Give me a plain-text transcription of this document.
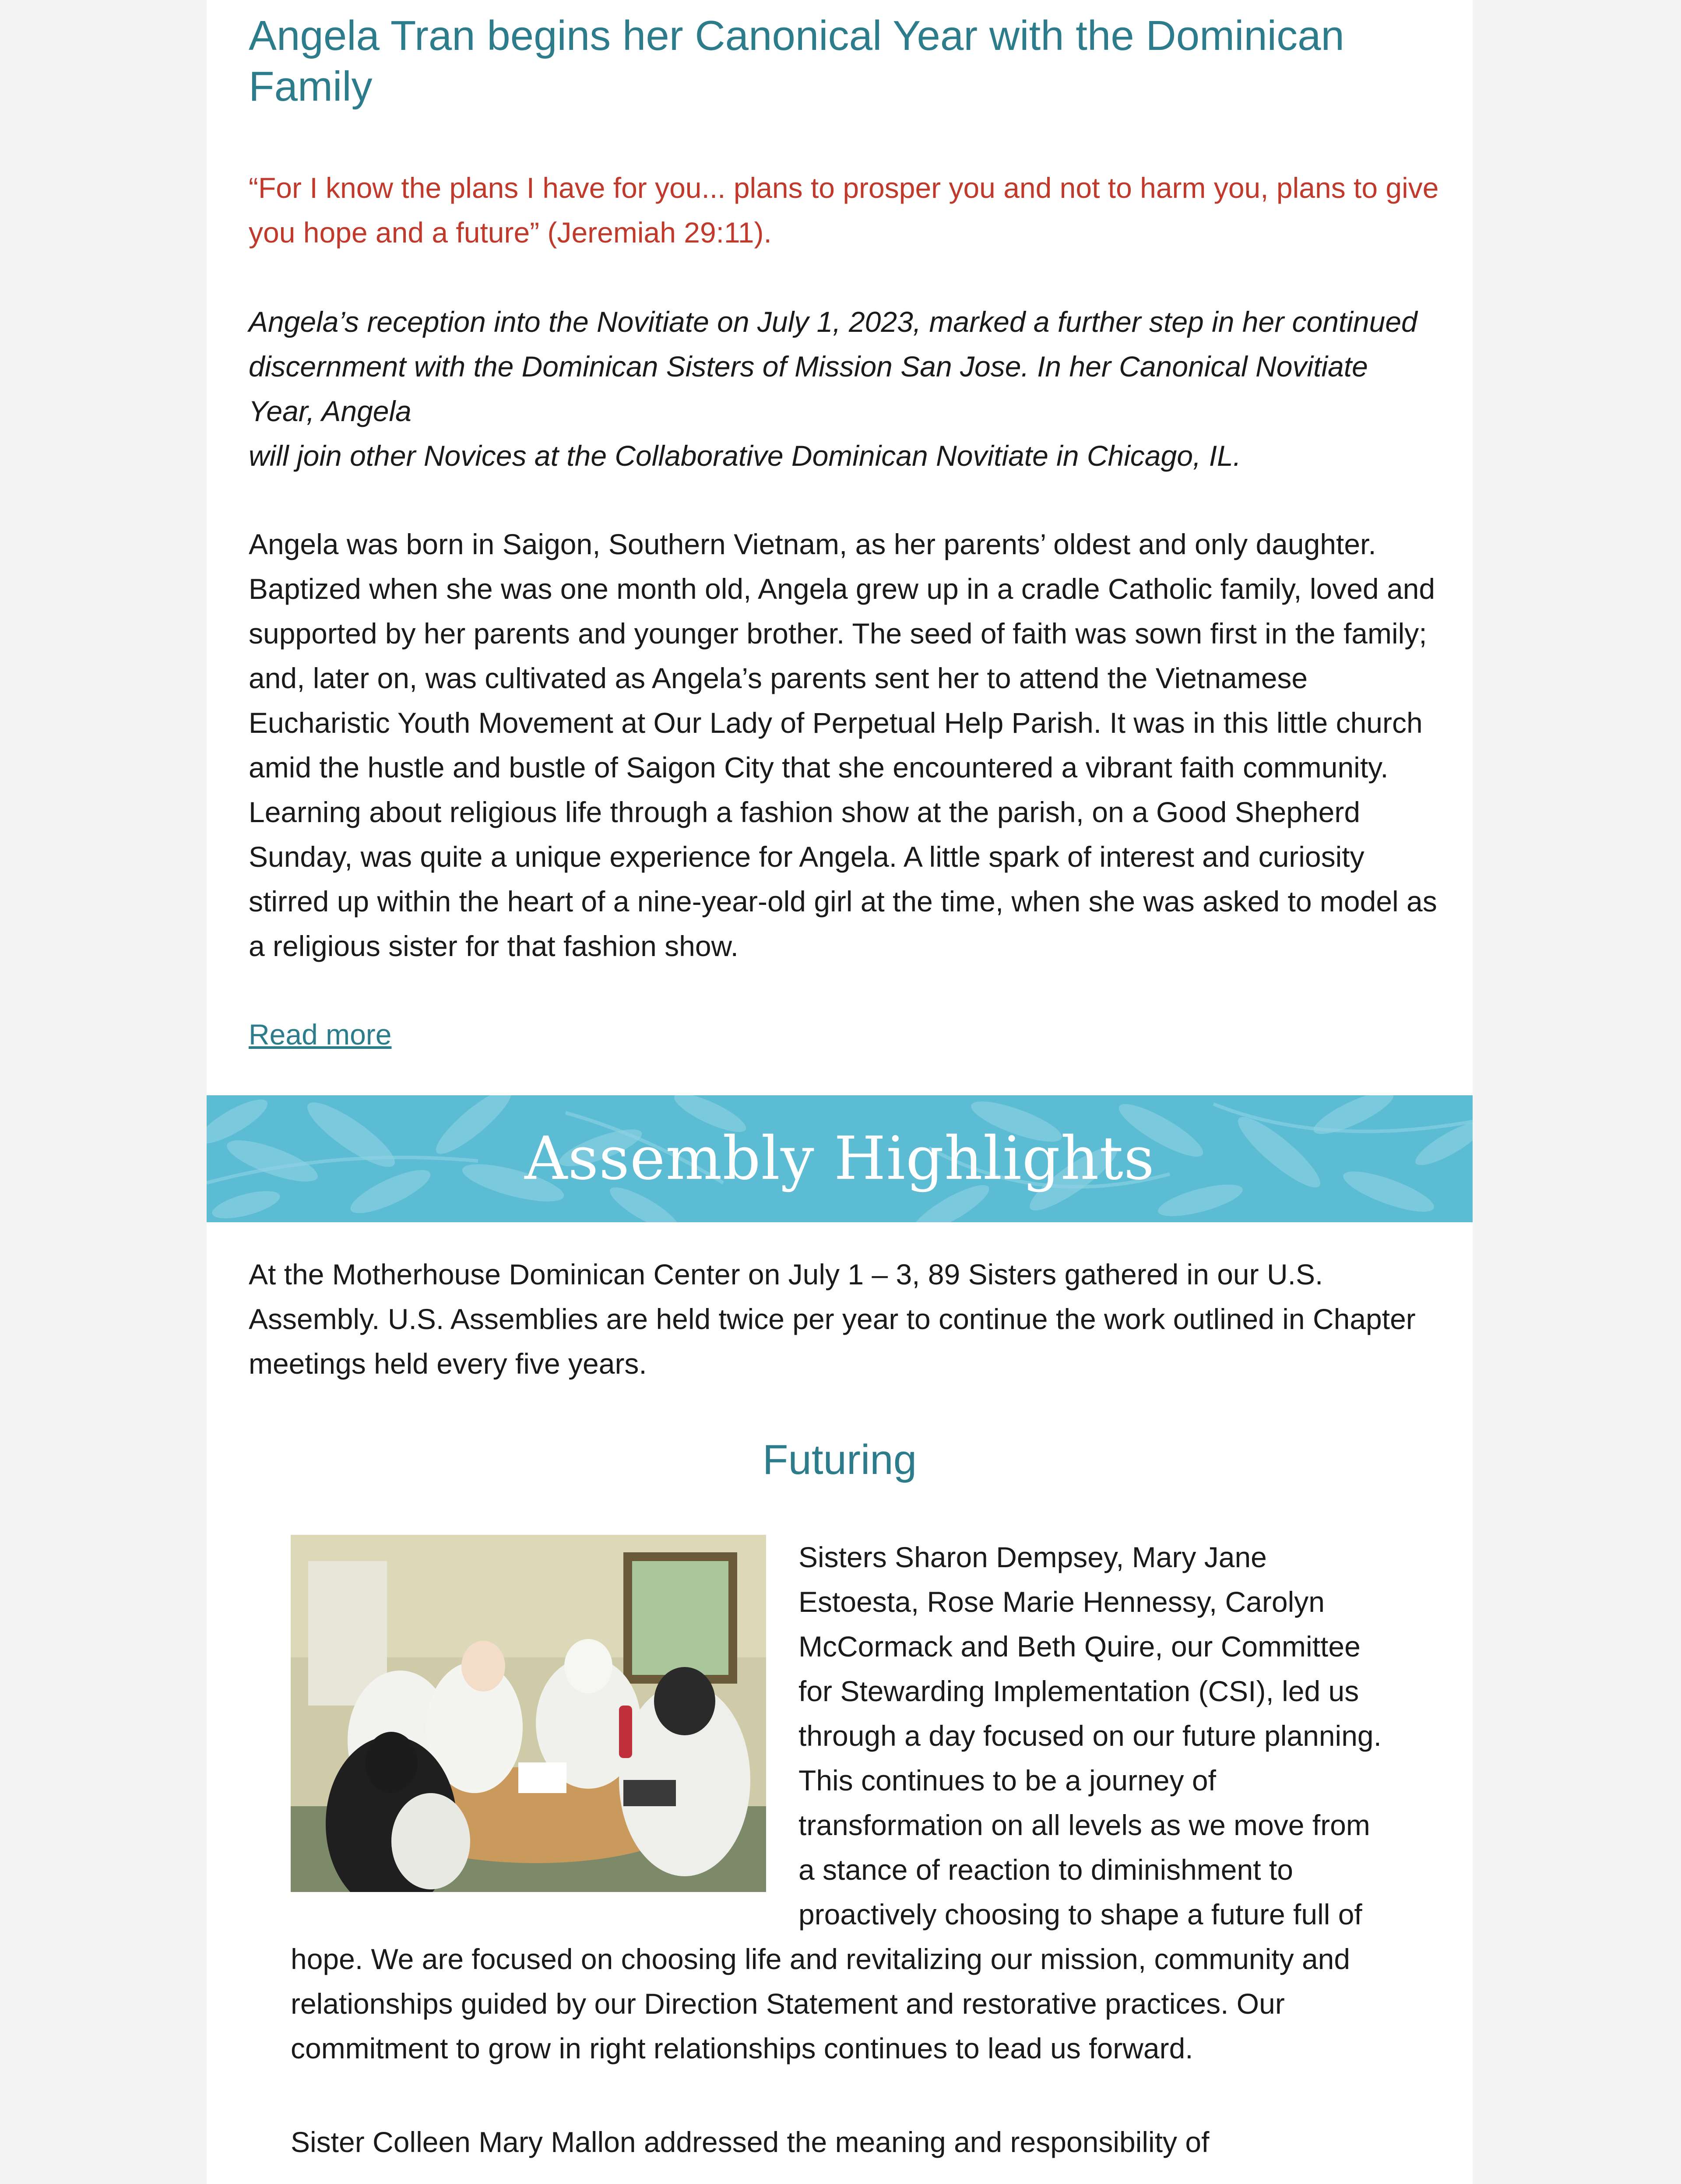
Angela Tran begins her Canonical Year with the Dominican Family

“For I know the plans I have for you... plans to prosper you and not to harm you, plans to give you hope and a future” (Jeremiah 29:11).

Angela’s reception into the Novitiate on July 1, 2023, marked a further step in her continued discernment with the Dominican Sisters of Mission San Jose. In her Canonical Novitiate Year, Angela
will join other Novices at the Collaborative Dominican Novitiate in Chicago, IL.

Angela was born in Saigon, Southern Vietnam, as her parents’ oldest and only daughter. Baptized when she was one month old, Angela grew up in a cradle Catholic family, loved and supported by her parents and younger brother. The seed of faith was sown first in the family; and, later on, was cultivated as Angela’s parents sent her to attend the Vietnamese Eucharistic Youth Movement at Our Lady of Perpetual Help Parish. It was in this little church amid the hustle and bustle of Saigon City that she encountered a vibrant faith community. Learning about religious life through a fashion show at the parish, on a Good Shepherd Sunday, was quite a unique experience for Angela. A little spark of interest and curiosity stirred up within the heart of a nine-year-old girl at the time, when she was asked to model as a religious sister for that fashion show.

Read more
Assembly Highlights

At the Motherhouse Dominican Center on July 1 – 3, 89 Sisters gathered in our U.S. Assembly. U.S. Assemblies are held twice per year to continue the work outlined in Chapter meetings held every five years.

Futuring

Sisters Sharon Dempsey, Mary Jane Estoesta, Rose Marie Hennessy, Carolyn McCormack and Beth Quire, our Committee for Stewarding Implementation (CSI), led us through a day focused on our future planning. This continues to be a journey of transformation on all levels as we move from a stance of reaction to diminishment to proactively choosing to shape a future full of hope. We are focused on choosing life and revitalizing our mission, community and relationships guided by our Direction Statement and restorative practices. Our commitment to grow in right relationships continues to lead us forward.

Sister Colleen Mary Mallon addressed the meaning and responsibility of
